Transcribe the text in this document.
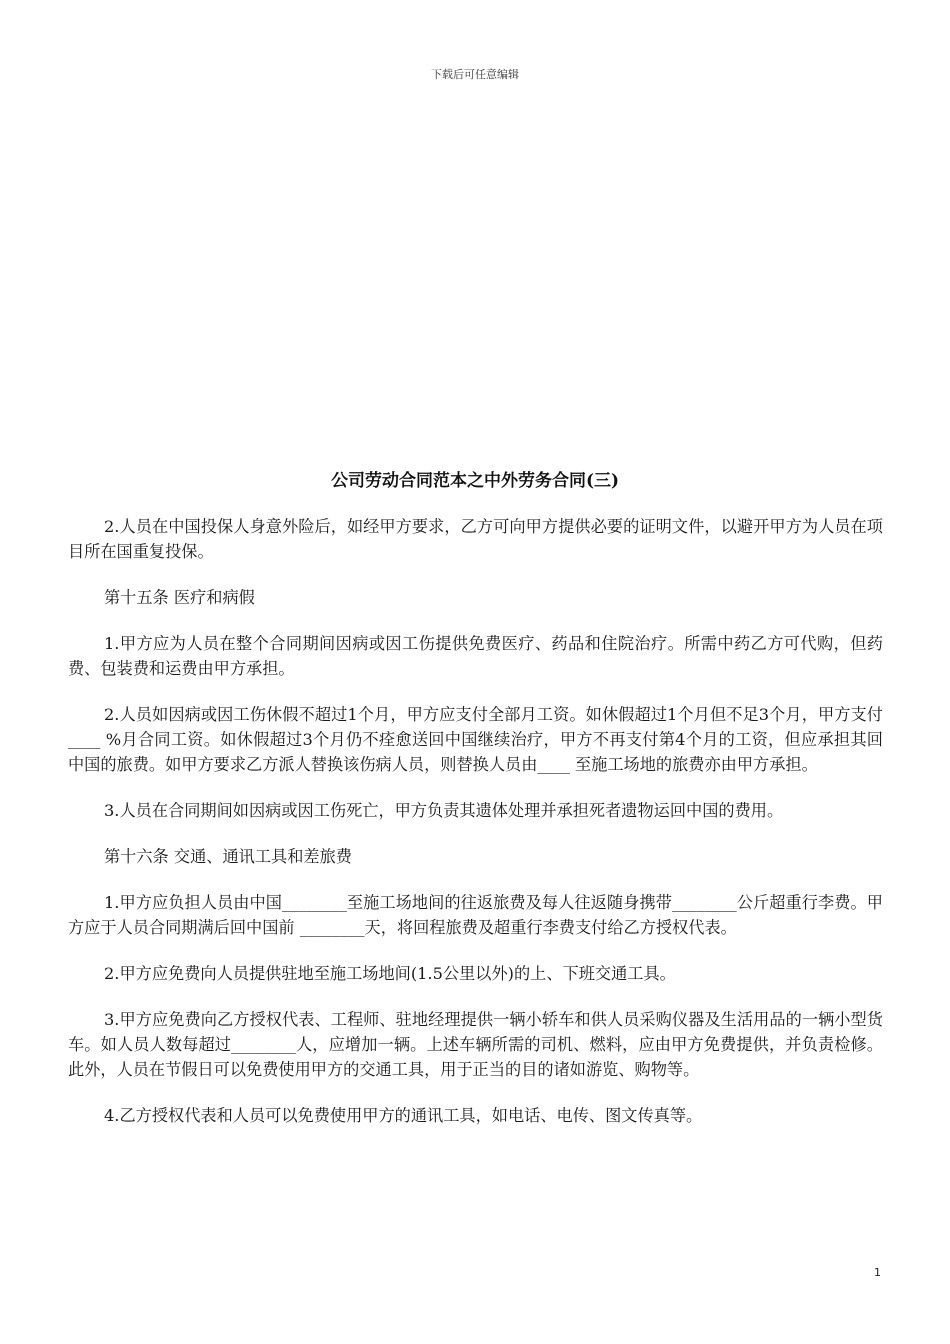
下载后可任意编辑
公司劳动合同范本之中外劳务合同(三)

2.人员在中国投保人身意外险后，如经甲方要求，乙方可向甲方提供必要的证明文件，以避开甲方为人员在项目所在国重复投保。

第十五条 医疗和病假

1.甲方应为人员在整个合同期间因病或因工伤提供免费医疗、药品和住院治疗。所需中药乙方可代购，但药费、包装费和运费由甲方承担。

2.人员如因病或因工伤休假不超过1个月，甲方应支付全部月工资。如休假超过1个月但不足3个月，甲方支付____ %月合同工资。如休假超过3个月仍不痊愈送回中国继续治疗，甲方不再支付第4个月的工资，但应承担其回中国的旅费。如甲方要求乙方派人替换该伤病人员，则替换人员由____ 至施工场地的旅费亦由甲方承担。

3.人员在合同期间如因病或因工伤死亡，甲方负责其遗体处理并承担死者遗物运回中国的费用。

第十六条 交通、通讯工具和差旅费

1.甲方应负担人员由中国________至施工场地间的往返旅费及每人往返随身携带________公斤超重行李费。甲方应于人员合同期满后回中国前 ________天，将回程旅费及超重行李费支付给乙方授权代表。

2.甲方应免费向人员提供驻地至施工场地间(1.5公里以外)的上、下班交通工具。

3.甲方应免费向乙方授权代表、工程师、驻地经理提供一辆小轿车和供人员采购仪器及生活用品的一辆小型货车。如人员人数每超过________人，应增加一辆。上述车辆所需的司机、燃料，应由甲方免费提供，并负责检修。此外，人员在节假日可以免费使用甲方的交通工具，用于正当的目的诸如游览、购物等。

4.乙方授权代表和人员可以免费使用甲方的通讯工具，如电话、电传、图文传真等。

1
